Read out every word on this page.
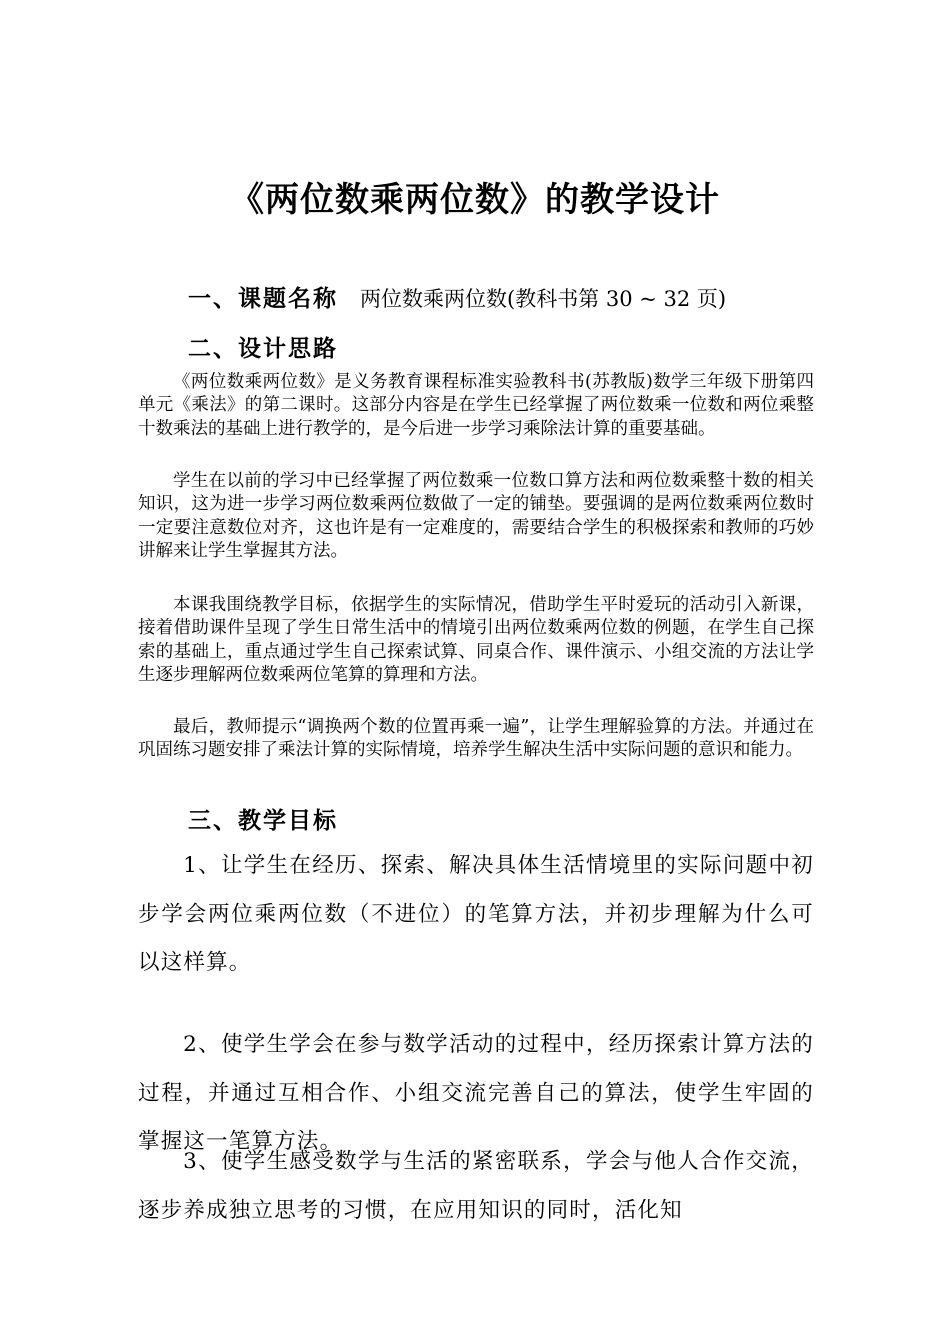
《两位数乘两位数》的教学设计
一、课题名称 两位数乘两位数(教科书第 30 ~ 32 页)
二、设计思路

《两位数乘两位数》是义务教育课程标准实验教科书(苏教版)数学三年级下册第四单元《乘法》的第二课时。这部分内容是在学生已经掌握了两位数乘一位数和两位乘整十数乘法的基础上进行教学的，是今后进一步学习乘除法计算的重要基础。

学生在以前的学习中已经掌握了两位数乘一位数口算方法和两位数乘整十数的相关知识，这为进一步学习两位数乘两位数做了一定的铺垫。要强调的是两位数乘两位数时一定要注意数位对齐，这也许是有一定难度的，需要结合学生的积极探索和教师的巧妙讲解来让学生掌握其方法。

本课我围绕教学目标，依据学生的实际情况，借助学生平时爱玩的活动引入新课，接着借助课件呈现了学生日常生活中的情境引出两位数乘两位数的例题，在学生自己探索的基础上，重点通过学生自己探索试算、同桌合作、课件演示、小组交流的方法让学生逐步理解两位数乘两位笔算的算理和方法。

最后，教师提示“调换两个数的位置再乘一遍”，让学生理解验算的方法。并通过在巩固练习题安排了乘法计算的实际情境，培养学生解决生活中实际问题的意识和能力。

三、教学目标

1、让学生在经历、探索、解决具体生活情境里的实际问题中初步学会两位乘两位数（不进位）的笔算方法，并初步理解为什么可以这样算。

2、使学生学会在参与数学活动的过程中，经历探索计算方法的过程，并通过互相合作、小组交流完善自己的算法，使学生牢固的掌握这一笔算方法。

3、使学生感受数学与生活的紧密联系，学会与他人合作交流，逐步养成独立思考的习惯，在应用知识的同时，活化知
